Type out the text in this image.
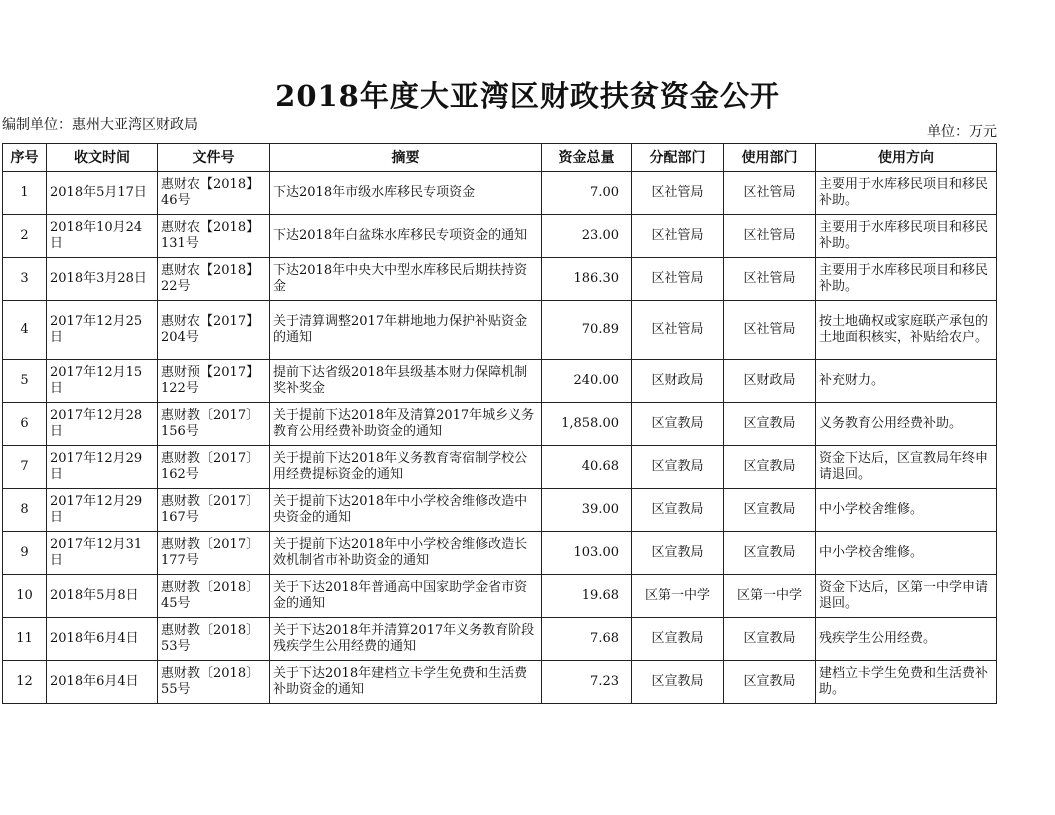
2018年度大亚湾区财政扶贫资金公开
编制单位：惠州大亚湾区财政局	单位：万元
序号	收文时间	文件号	摘要	资金总量	分配部门	使用部门	使用方向
1	2018年5月17日	惠财农【2018】46号	下达2018年市级水库移民专项资金	7.00	区社管局	区社管局	主要用于水库移民项目和移民补助。
2	2018年10月24日	惠财农【2018】131号	下达2018年白盆珠水库移民专项资金的通知	23.00	区社管局	区社管局	主要用于水库移民项目和移民补助。
3	2018年3月28日	惠财农【2018】22号	下达2018年中央大中型水库移民后期扶持资金	186.30	区社管局	区社管局	主要用于水库移民项目和移民补助。
4	2017年12月25日	惠财农【2017】204号	关于清算调整2017年耕地地力保护补贴资金的通知	70.89	区社管局	区社管局	按土地确权或家庭联产承包的土地面积核实，补贴给农户。
5	2017年12月15日	惠财预【2017】122号	提前下达省级2018年县级基本财力保障机制奖补奖金	240.00	区财政局	区财政局	补充财力。
6	2017年12月28日	惠财教〔2017〕156号	关于提前下达2018年及清算2017年城乡义务教育公用经费补助资金的通知	1,858.00	区宣教局	区宣教局	义务教育公用经费补助。
7	2017年12月29日	惠财教〔2017〕162号	关于提前下达2018年义务教育寄宿制学校公用经费提标资金的通知	40.68	区宣教局	区宣教局	资金下达后，区宣教局年终申请退回。
8	2017年12月29日	惠财教〔2017〕167号	关于提前下达2018年中小学校舍维修改造中央资金的通知	39.00	区宣教局	区宣教局	中小学校舍维修。
9	2017年12月31日	惠财教〔2017〕177号	关于提前下达2018年中小学校舍维修改造长效机制省市补助资金的通知	103.00	区宣教局	区宣教局	中小学校舍维修。
10	2018年5月8日	惠财教〔2018〕45号	关于下达2018年普通高中国家助学金省市资金的通知	19.68	区第一中学	区第一中学	资金下达后，区第一中学申请退回。
11	2018年6月4日	惠财教〔2018〕53号	关于下达2018年并清算2017年义务教育阶段残疾学生公用经费的通知	7.68	区宣教局	区宣教局	残疾学生公用经费。
12	2018年6月4日	惠财教〔2018〕55号	关于下达2018年建档立卡学生免费和生活费补助资金的通知	7.23	区宣教局	区宣教局	建档立卡学生免费和生活费补助。
